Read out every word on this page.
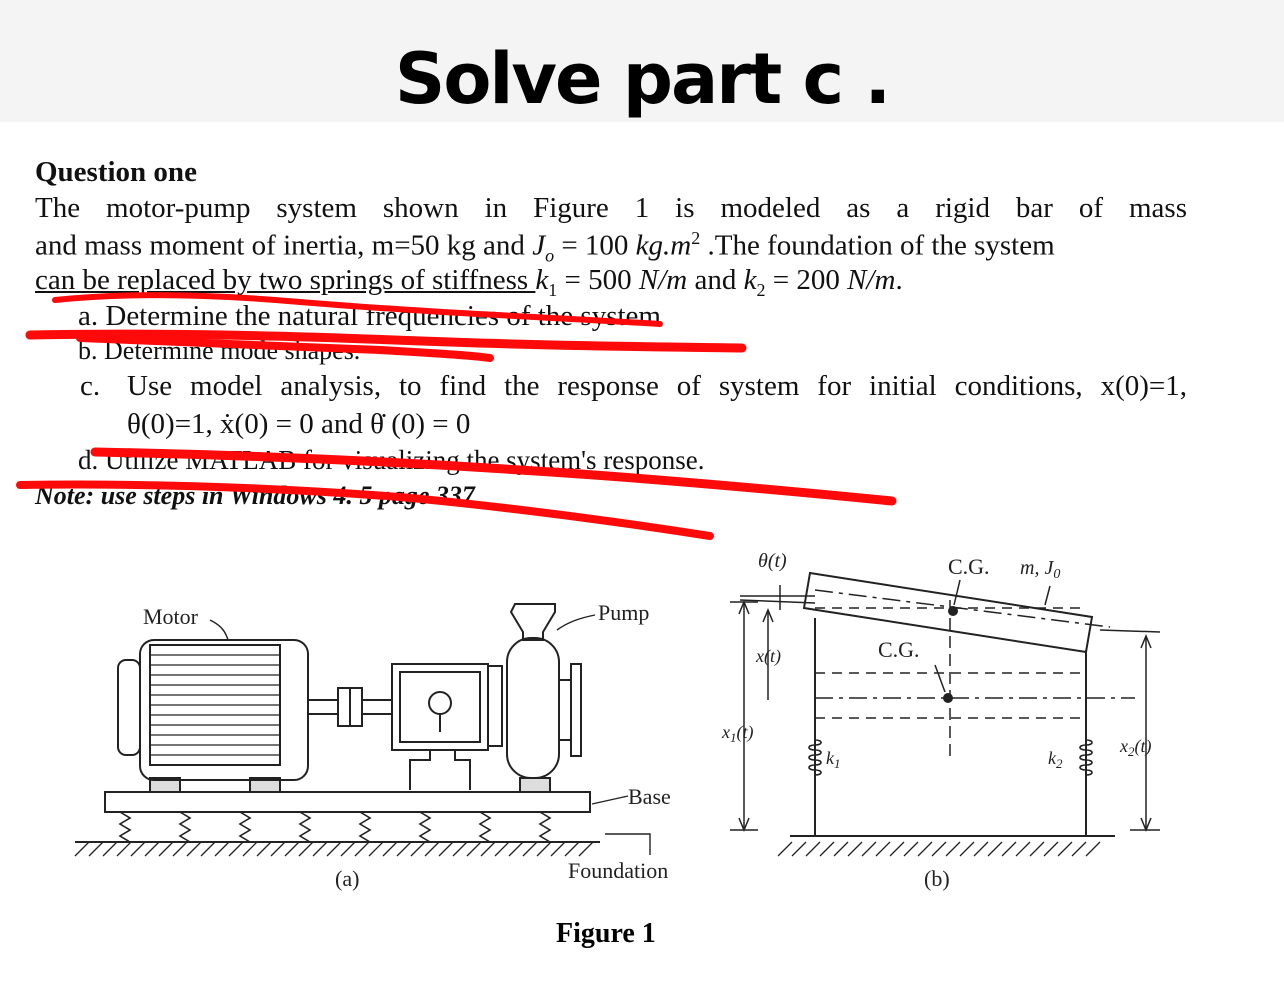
Solve part c .
Question one
The motor-pump system shown in Figure 1 is modeled as a rigid bar of mass
and mass moment of inertia, m=50 kg and $J_o = 100$ $kg.m^2$ .The foundation of the system
can be replaced by two springs of stiffness $k_1 = 500$ N/m and $k_2 = 200$ N/m.
a. Determine the natural frequencies of the system
b. Determine mode shapes.
c. Use model analysis, to find the response of system for initial conditions, x(0)=1,
θ(0)=1, ẋ(0) = 0 and θ̇ (0) = 0
d. Utilize MATLAB for visualizing the system's response.
Note: use steps in Windows 4. 5 page 337
Motor	Pump
Base
Foundation
(a)
θ(t)	C.G. m, $J_0$
C.G.
x(t)
$x_1(t)$
$k_1$	$k_2$
$x_2(t)$
(b)
Figure 1
